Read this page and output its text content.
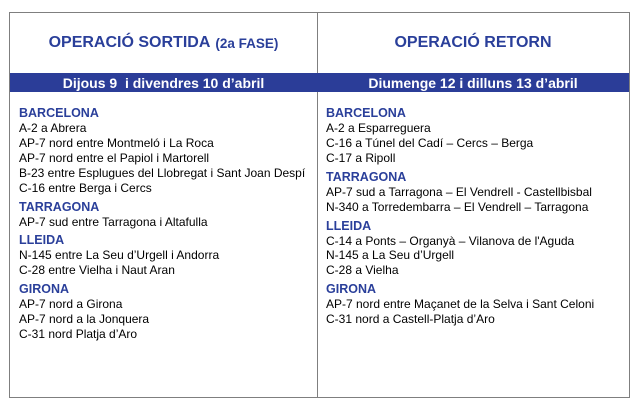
OPERACIÓ SORTIDA (2a FASE)
Dijous 9  i divendres 10 d’abril
BARCELONA
A-2 a Abrera
AP-7 nord entre Montmeló i La Roca
AP-7 nord entre el Papiol i Martorell
B-23 entre Esplugues del Llobregat i Sant Joan Despí
C-16 entre Berga i Cercs
TARRAGONA
AP-7 sud entre Tarragona i Altafulla
LLEIDA
N-145 entre La Seu d’Urgell i Andorra
C-28 entre Vielha i Naut Aran
GIRONA
AP-7 nord a Girona
AP-7 nord a la Jonquera
C-31 nord Platja d’Aro
OPERACIÓ RETORN
Diumenge 12 i dilluns 13 d’abril
BARCELONA
A-2 a Esparreguera
C-16 a Túnel del Cadí – Cercs – Berga
C-17 a Ripoll
TARRAGONA
AP-7 sud a Tarragona – El Vendrell - Castellbisbal
N-340 a Torredembarra – El Vendrell – Tarragona
LLEIDA
C-14 a Ponts – Organyà – Vilanova de l'Aguda
N-145 a La Seu d’Urgell
C-28 a Vielha
GIRONA
AP-7 nord entre Maçanet de la Selva i Sant Celoni
C-31 nord a Castell-Platja d’Aro
